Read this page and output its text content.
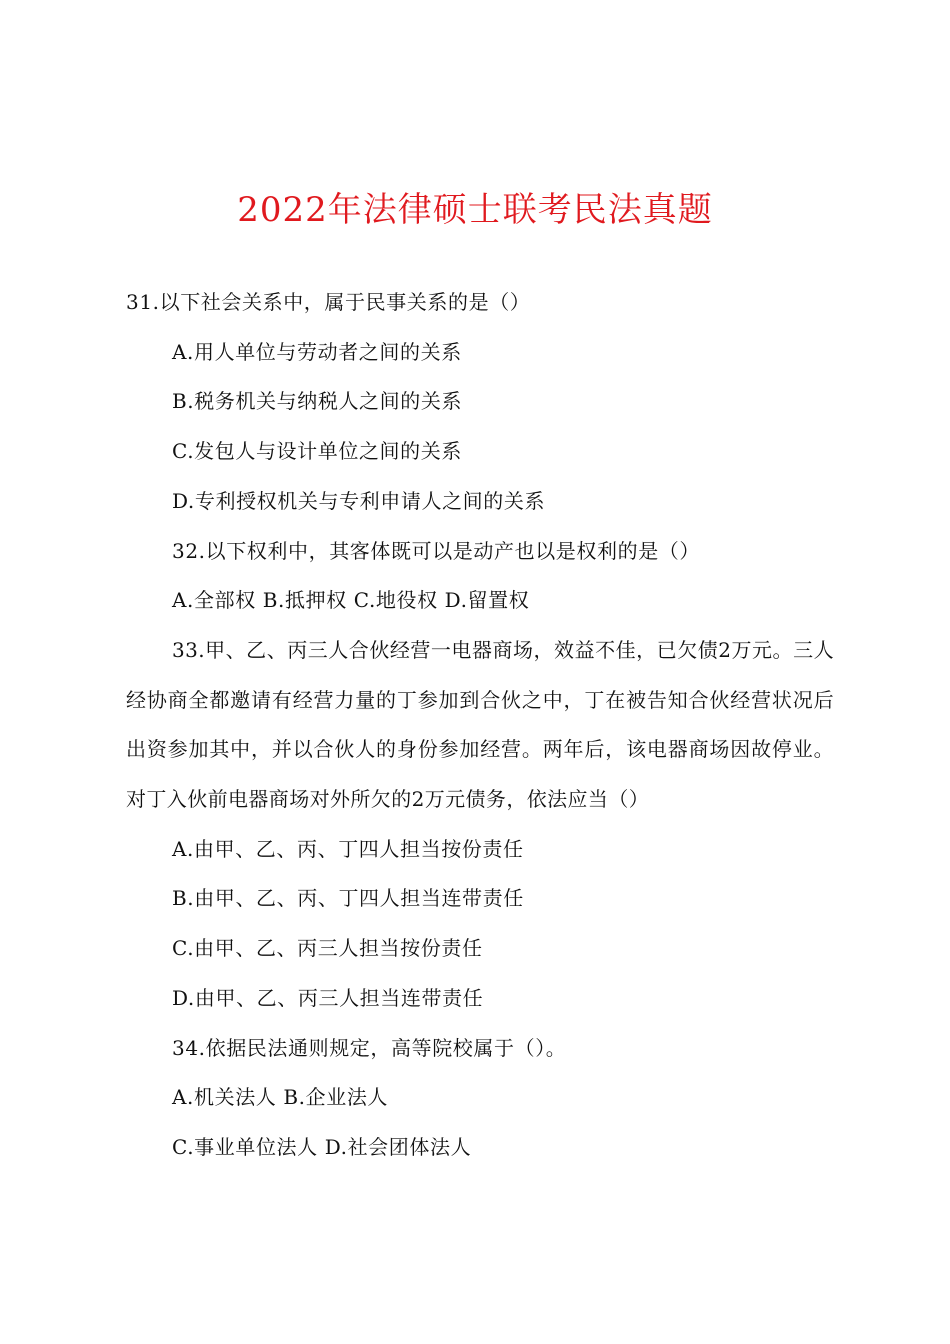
2022年法律硕士联考民法真题
31.以下社会关系中，属于民事关系的是（）
A.用人单位与劳动者之间的关系
B.税务机关与纳税人之间的关系
C.发包人与设计单位之间的关系
D.专利授权机关与专利申请人之间的关系
32.以下权利中，其客体既可以是动产也以是权利的是（）
A.全部权 B.抵押权 C.地役权 D.留置权

33.甲、乙、丙三人合伙经营一电器商场，效益不佳，已欠债2万元。三人经协商全都邀请有经营力量的丁参加到合伙之中，丁在被告知合伙经营状况后出资参加其中，并以合伙人的身份参加经营。两年后，该电器商场因故停业。对丁入伙前电器商场对外所欠的2万元债务，依法应当（）

A.由甲、乙、丙、丁四人担当按份责任
B.由甲、乙、丙、丁四人担当连带责任
C.由甲、乙、丙三人担当按份责任
D.由甲、乙、丙三人担当连带责任
34.依据民法通则规定，高等院校属于（）。
A.机关法人 B.企业法人
C.事业单位法人 D.社会团体法人
